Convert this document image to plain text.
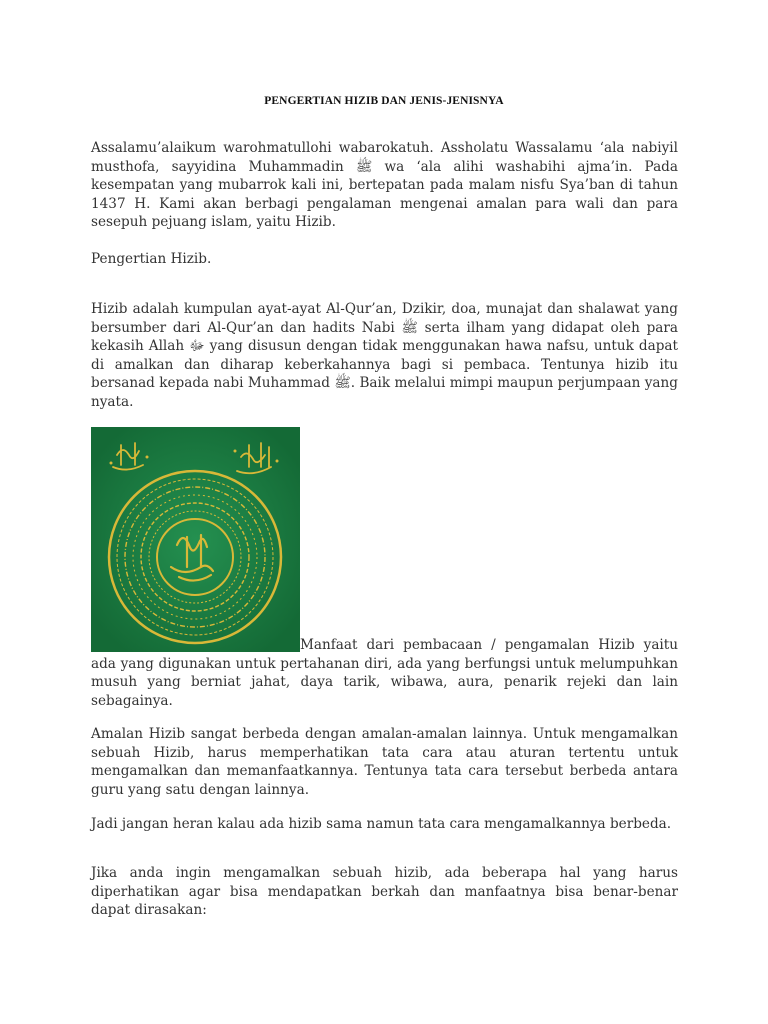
PENGERTIAN HIZIB DAN JENIS-JENISNYA

Assalamu’alaikum warohmatullohi wabarokatuh. Assholatu Wassalamu ‘ala nabiyil musthofa, sayyidina Muhammadin ﷺ wa ‘ala alihi washabihi ajma’in. Pada kesempatan yang mubarrok kali ini, bertepatan pada malam nisfu Sya’ban di tahun 1437 H. Kami akan berbagi pengalaman mengenai amalan para wali dan para sesepuh pejuang islam, yaitu Hizib.

Pengertian Hizib.

Hizib adalah kumpulan ayat-ayat Al-Qur’an, Dzikir, doa, munajat dan shalawat yang bersumber dari Al-Qur’an dan hadits Nabi ﷺ serta ilham yang didapat oleh para kekasih Allah ﷻ yang disusun dengan tidak menggunakan hawa nafsu, untuk dapat di amalkan dan diharap keberkahannya bagi si pembaca. Tentunya hizib itu bersanad kepada nabi Muhammad ﷺ. Baik melalui mimpi maupun perjumpaan yang nyata.

Manfaat dari pembacaan / pengamalan Hizib yaitu ada yang digunakan untuk pertahanan diri, ada yang berfungsi untuk melumpuhkan musuh yang berniat jahat, daya tarik, wibawa, aura, penarik rejeki dan lain sebagainya.

Amalan Hizib sangat berbeda dengan amalan-amalan lainnya. Untuk mengamalkan sebuah Hizib, harus memperhatikan tata cara atau aturan tertentu untuk mengamalkan dan memanfaatkannya. Tentunya tata cara tersebut berbeda antara guru yang satu dengan lainnya.

Jadi jangan heran kalau ada hizib sama namun tata cara mengamalkannya berbeda.

Jika anda ingin mengamalkan sebuah hizib, ada beberapa hal yang harus diperhatikan agar bisa mendapatkan berkah dan manfaatnya bisa benar-benar dapat dirasakan:
